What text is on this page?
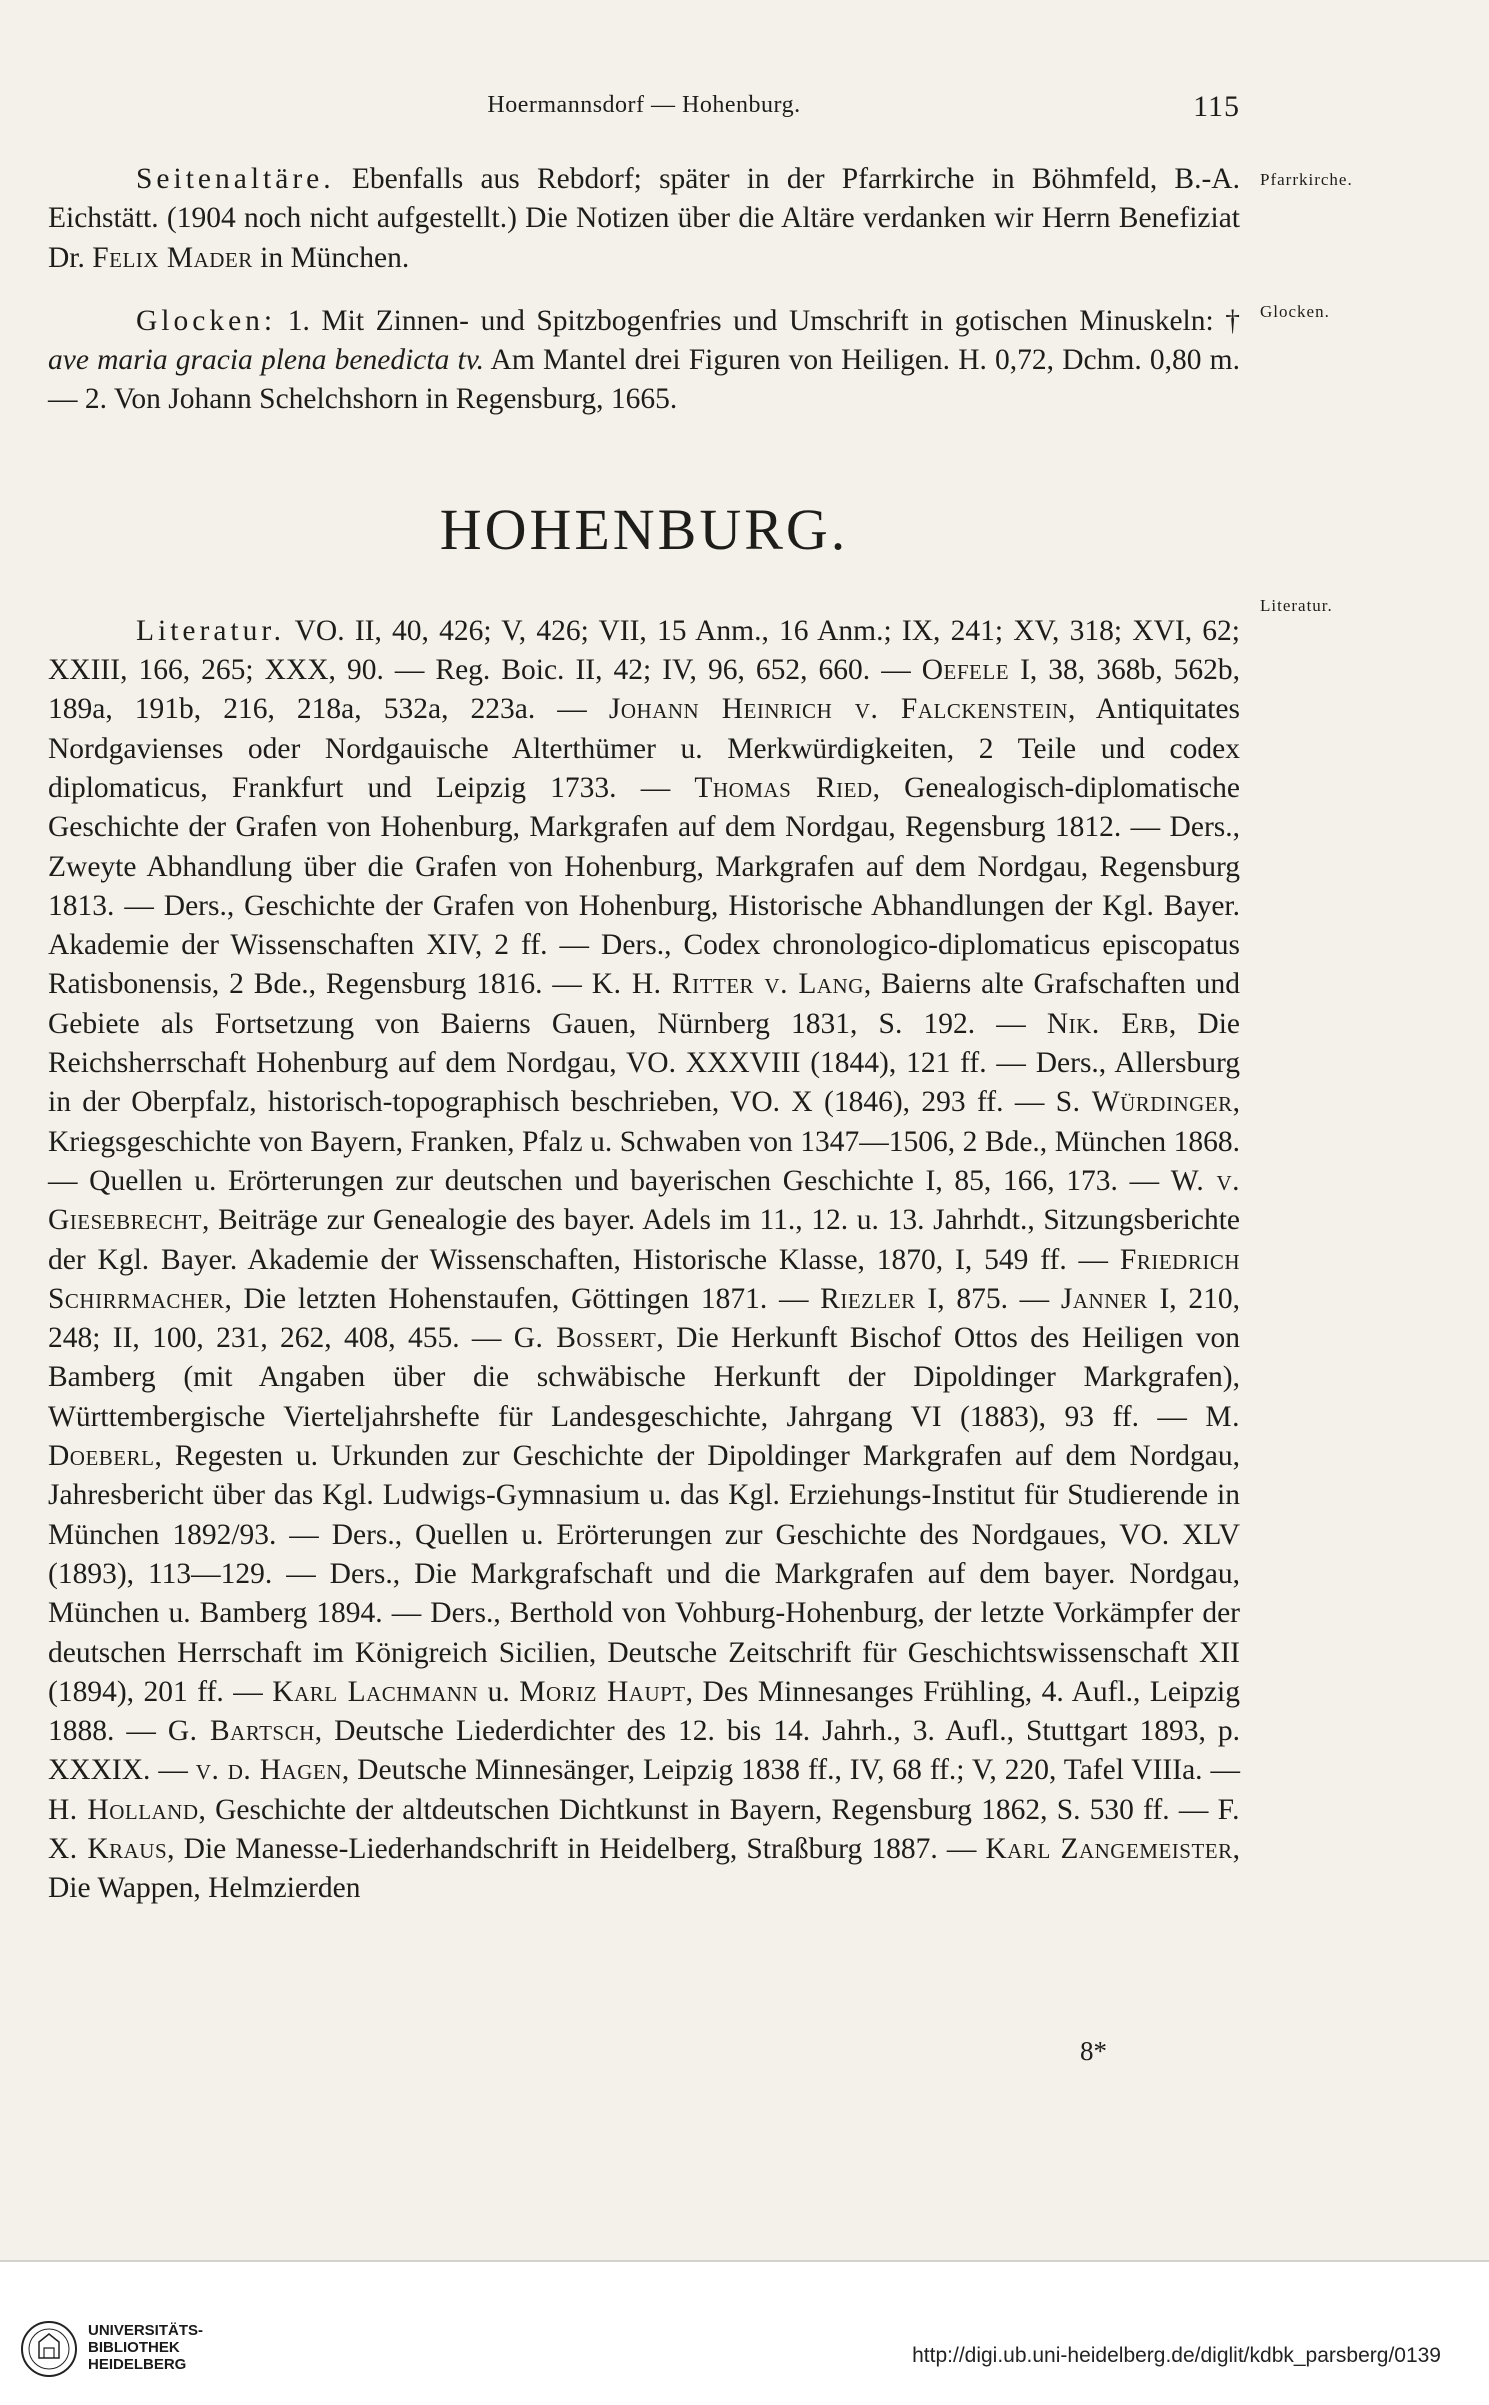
Hoermannsdorf — Hohenburg.	115
Pfarrkirche.
Glocken.
Literatur.

Seitenaltäre. Ebenfalls aus Rebdorf; später in der Pfarrkirche in Böhmfeld, B.-A. Eichstätt. (1904 noch nicht aufgestellt.) Die Notizen über die Altäre verdanken wir Herrn Benefiziat Dr. Felix Mader in München.

Glocken: 1. Mit Zinnen- und Spitzbogenfries und Umschrift in gotischen Minuskeln: † ave maria gracia plena benedicta tv. Am Mantel drei Figuren von Heiligen. H. 0,72, Dchm. 0,80 m. — 2. Von Johann Schelchshorn in Regensburg, 1665.

HOHENBURG.

Literatur. VO. II, 40, 426; V, 426; VII, 15 Anm., 16 Anm.; IX, 241; XV, 318; XVI, 62; XXIII, 166, 265; XXX, 90. — Reg. Boic. II, 42; IV, 96, 652, 660. — Oefele I, 38, 368b, 562b, 189a, 191b, 216, 218a, 532a, 223a. — Johann Heinrich v. Falckenstein, Antiquitates Nordgavienses oder Nordgauische Alterthümer u. Merkwürdigkeiten, 2 Teile und codex diplomaticus, Frankfurt und Leipzig 1733. — Thomas Ried, Genealogisch-diplomatische Geschichte der Grafen von Hohenburg, Markgrafen auf dem Nordgau, Regensburg 1812. — Ders., Zweyte Abhandlung über die Grafen von Hohenburg, Markgrafen auf dem Nordgau, Regensburg 1813. — Ders., Geschichte der Grafen von Hohenburg, Historische Abhandlungen der Kgl. Bayer. Akademie der Wissenschaften XIV, 2 ff. — Ders., Codex chronologico-diplomaticus episcopatus Ratisbonensis, 2 Bde., Regensburg 1816. — K. H. Ritter v. Lang, Baierns alte Grafschaften und Gebiete als Fortsetzung von Baierns Gauen, Nürnberg 1831, S. 192. — Nik. Erb, Die Reichsherrschaft Hohenburg auf dem Nordgau, VO. XXXVIII (1844), 121 ff. — Ders., Allersburg in der Oberpfalz, historisch-topographisch beschrieben, VO. X (1846), 293 ff. — S. Würdinger, Kriegsgeschichte von Bayern, Franken, Pfalz u. Schwaben von 1347—1506, 2 Bde., München 1868. — Quellen u. Erörterungen zur deutschen und bayerischen Geschichte I, 85, 166, 173. — W. v. Giesebrecht, Beiträge zur Genealogie des bayer. Adels im 11., 12. u. 13. Jahrhdt., Sitzungsberichte der Kgl. Bayer. Akademie der Wissenschaften, Historische Klasse, 1870, I, 549 ff. — Friedrich Schirrmacher, Die letzten Hohenstaufen, Göttingen 1871. — Riezler I, 875. — Janner I, 210, 248; II, 100, 231, 262, 408, 455. — G. Bossert, Die Herkunft Bischof Ottos des Heiligen von Bamberg (mit Angaben über die schwäbische Herkunft der Dipoldinger Markgrafen), Württembergische Vierteljahrshefte für Landesgeschichte, Jahrgang VI (1883), 93 ff. — M. Doeberl, Regesten u. Urkunden zur Geschichte der Dipoldinger Markgrafen auf dem Nordgau, Jahresbericht über das Kgl. Ludwigs-Gymnasium u. das Kgl. Erziehungs-Institut für Studierende in München 1892/93. — Ders., Quellen u. Erörterungen zur Geschichte des Nordgaues, VO. XLV (1893), 113—129. — Ders., Die Markgrafschaft und die Markgrafen auf dem bayer. Nordgau, München u. Bamberg 1894. — Ders., Berthold von Vohburg-Hohenburg, der letzte Vorkämpfer der deutschen Herrschaft im Königreich Sicilien, Deutsche Zeitschrift für Geschichtswissenschaft XII (1894), 201 ff. — Karl Lachmann u. Moriz Haupt, Des Minnesanges Frühling, 4. Aufl., Leipzig 1888. — G. Bartsch, Deutsche Liederdichter des 12. bis 14. Jahrh., 3. Aufl., Stuttgart 1893, p. XXXIX. — v. d. Hagen, Deutsche Minnesänger, Leipzig 1838 ff., IV, 68 ff.; V, 220, Tafel VIIIa. — H. Holland, Geschichte der altdeutschen Dichtkunst in Bayern, Regensburg 1862, S. 530 ff. — F. X. Kraus, Die Manesse-Liederhandschrift in Heidelberg, Straßburg 1887. — Karl Zangemeister, Die Wappen, Helmzierden

8*
UNIVERSITÄTS-
BIBLIOTHEK
HEIDELBERG	http://digi.ub.uni-heidelberg.de/diglit/kdbk_parsberg/0139
